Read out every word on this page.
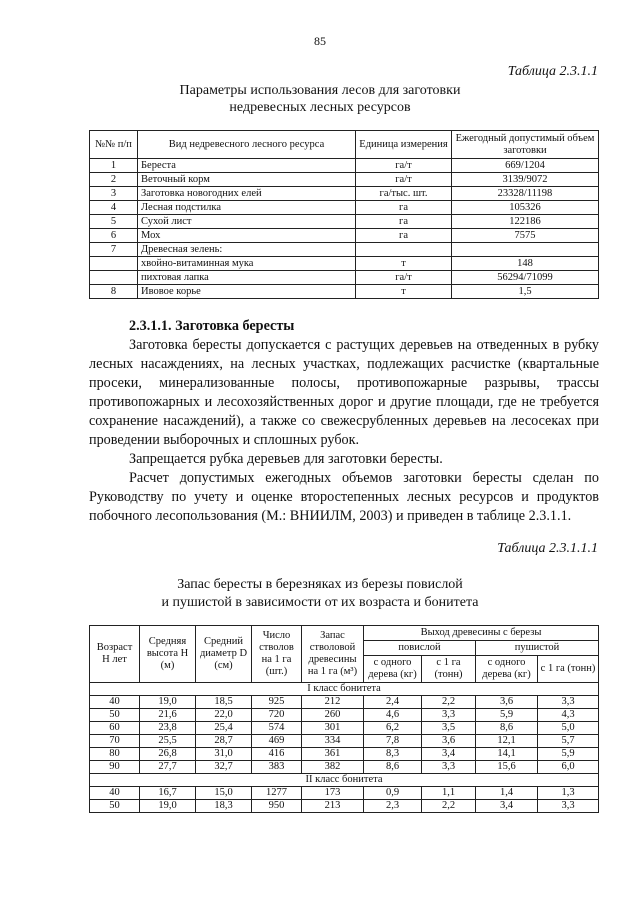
85
Таблица 2.3.1.1
Параметры использования лесов для заготовки
недревесных лесных ресурсов
№№ п/п	Вид недревесного лесного ресурса	Единица измерения	Ежегодный допустимый объем заготовки
1	Береста	га/т	669/1204
2	Веточный корм	га/т	3139/9072
3	Заготовка новогодних елей	га/тыс. шт.	23328/11198
4	Лесная подстилка	га	105326
5	Сухой лист	га	122186
6	Мох	га	7575
7	Древесная зелень:		
	хвойно-витаминная мука	т	148
	пихтовая лапка	га/т	56294/71099
8	Ивовое корье	т	1,5

2.3.1.1. Заготовка бересты

Заготовка бересты допускается с растущих деревьев на отведенных в рубку лесных насаждениях, на лесных участках, подлежащих расчистке (квартальные просеки, минерализованные полосы, противопожарные разрывы, трассы противопожарных и лесохозяйственных дорог и другие площади, где не требуется сохранение насаждений), а также со свежесрубленных деревьев на лесосеках при проведении выборочных и сплошных рубок.

Запрещается рубка деревьев для заготовки бересты.

Расчет допустимых ежегодных объемов заготовки бересты сделан по Руководству по учету и оценке второстепенных лесных ресурсов и продуктов побочного лесопользования (М.: ВНИИЛМ, 2003) и приведен в таблице 2.3.1.1.

Таблица 2.3.1.1.1
Запас бересты в березняках из березы повислой
и пушистой в зависимости от их возраста и бонитета
Возраст Н лет	Средняя высота Н (м)	Средний диаметр D (см)	Число стволов на 1 га (шт.)	Запас стволовой древесины на 1 га (м³)	Выход древесины с березы			
					повислой		пушистой	
					с одного дерева (кг)	с 1 га (тонн)	с одного дерева (кг)	с 1 га (тонн)
I класс бонитета								
40	19,0	18,5	925	212	2,4	2,2	3,6	3,3
50	21,6	22,0	720	260	4,6	3,3	5,9	4,3
60	23,8	25,4	574	301	6,2	3,5	8,6	5,0
70	25,5	28,7	469	334	7,8	3,6	12,1	5,7
80	26,8	31,0	416	361	8,3	3,4	14,1	5,9
90	27,7	32,7	383	382	8,6	3,3	15,6	6,0
II класс бонитета								
40	16,7	15,0	1277	173	0,9	1,1	1,4	1,3
50	19,0	18,3	950	213	2,3	2,2	3,4	3,3
